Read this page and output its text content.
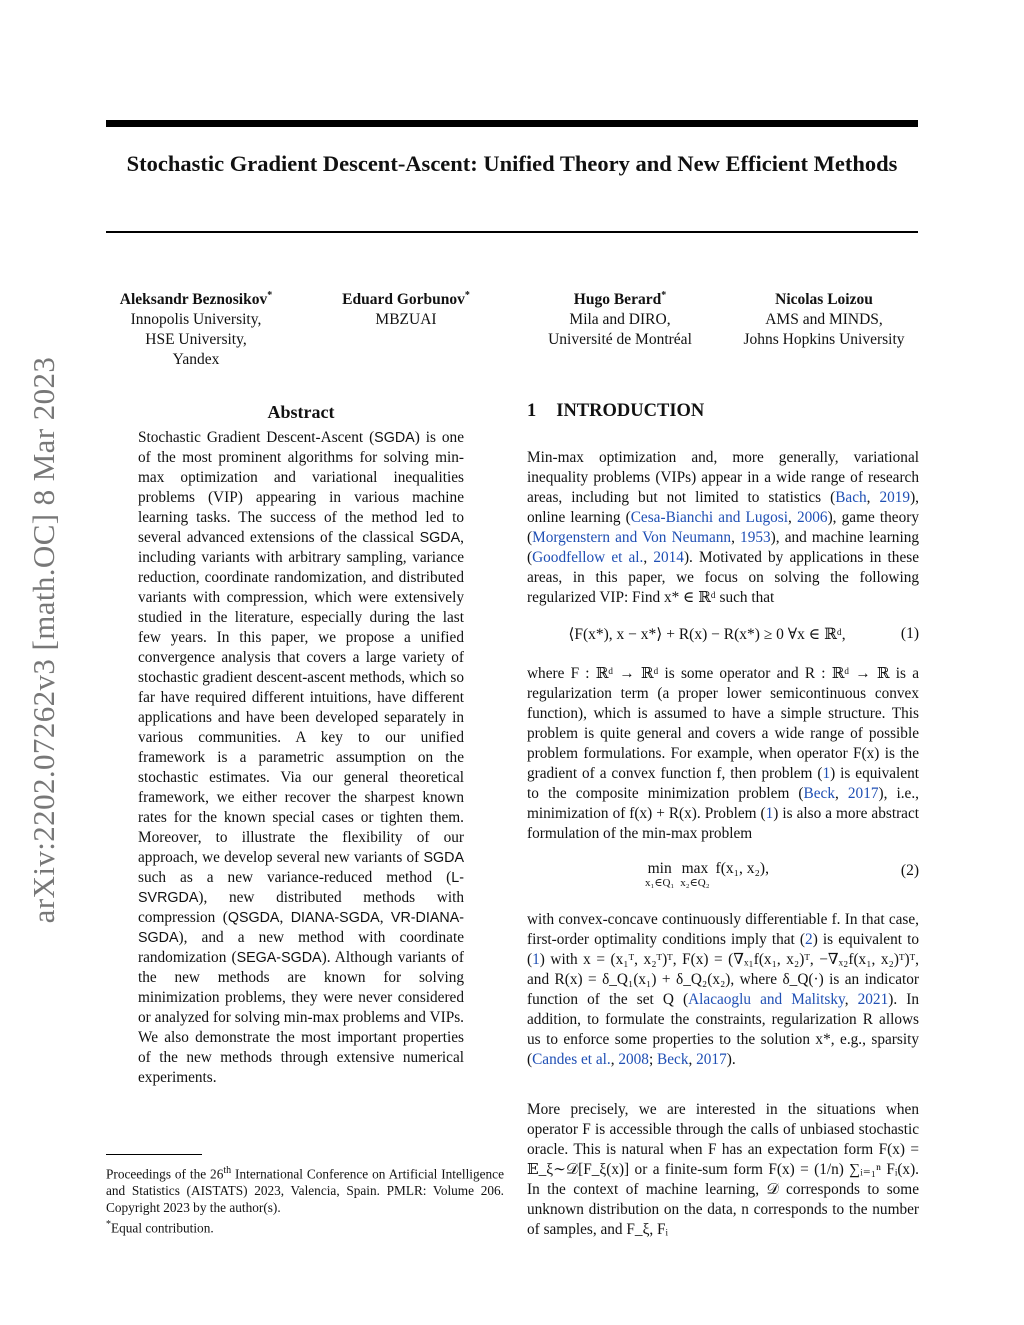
Stochastic Gradient Descent-Ascent: Unified Theory and New Efficient Methods
arXiv:2202.07262v3 [math.OC] 8 Mar 2023
Aleksandr Beznosikov*
Innopolis University,
HSE University,
Yandex
Eduard Gorbunov*
MBZUAI
Hugo Berard*
Mila and DIRO,
Université de Montréal
Nicolas Loizou
AMS and MINDS,
Johns Hopkins University
Abstract
Stochastic Gradient Descent-Ascent (SGDA) is one of the most prominent algorithms for solving min-max optimization and variational inequalities problems (VIP) appearing in various machine learning tasks. The success of the method led to several advanced extensions of the classical SGDA, including variants with arbitrary sampling, variance reduction, coordinate randomization, and distributed variants with compression, which were extensively studied in the literature, especially during the last few years. In this paper, we propose a unified convergence analysis that covers a large variety of stochastic gradient descent-ascent methods, which so far have required different intuitions, have different applications and have been developed separately in various communities. A key to our unified framework is a parametric assumption on the stochastic estimates. Via our general theoretical framework, we either recover the sharpest known rates for the known special cases or tighten them. Moreover, to illustrate the flexibility of our approach, we develop several new variants of SGDA such as a new variance-reduced method (L-SVRGDA), new distributed methods with compression (QSGDA, DIANA-SGDA, VR-DIANA-SGDA), and a new method with coordinate randomization (SEGA-SGDA). Although variants of the new methods are known for solving minimization problems, they were never considered or analyzed for solving min-max problems and VIPs. We also demonstrate the most important properties of the new methods through extensive numerical experiments.
Proceedings of the 26th International Conference on Artificial Intelligence and Statistics (AISTATS) 2023, Valencia, Spain. PMLR: Volume 206. Copyright 2023 by the author(s).
*Equal contribution.
1 INTRODUCTION
Min-max optimization and, more generally, variational inequality problems (VIPs) appear in a wide range of research areas, including but not limited to statistics (Bach, 2019), online learning (Cesa-Bianchi and Lugosi, 2006), game theory (Morgenstern and Von Neumann, 1953), and machine learning (Goodfellow et al., 2014). Motivated by applications in these areas, in this paper, we focus on solving the following regularized VIP: Find x* ∈ ℝᵈ such that
⟨F(x*), x − x*⟩ + R(x) − R(x*) ≥ 0 ∀x ∈ ℝᵈ,	(1)
where F : ℝᵈ → ℝᵈ is some operator and R : ℝᵈ → ℝ is a regularization term (a proper lower semicontinuous convex function), which is assumed to have a simple structure. This problem is quite general and covers a wide range of possible problem formulations. For example, when operator F(x) is the gradient of a convex function f, then problem (1) is equivalent to the composite minimization problem (Beck, 2017), i.e., minimization of f(x) + R(x). Problem (1) is also a more abstract formulation of the min-max problem
min
x₁∈Q₁
max
x₂∈Q₂
f(x₁, x₂),	(2)
with convex-concave continuously differentiable f. In that case, first-order optimality conditions imply that (2) is equivalent to (1) with x = (x₁ᵀ, x₂ᵀ)ᵀ, F(x) = (∇ₓ₁f(x₁, x₂)ᵀ, −∇ₓ₂f(x₁, x₂)ᵀ)ᵀ, and R(x) = δ_Q₁(x₁) + δ_Q₂(x₂), where δ_Q(·) is an indicator function of the set Q (Alacaoglu and Malitsky, 2021). In addition, to formulate the constraints, regularization R allows us to enforce some properties to the solution x*, e.g., sparsity (Candes et al., 2008; Beck, 2017).
More precisely, we are interested in the situations when operator F is accessible through the calls of unbiased stochastic oracle. This is natural when F has an expectation form F(x) = 𝔼_ξ∼𝒟[F_ξ(x)] or a finite-sum form F(x) = (1/n) ∑ᵢ₌₁ⁿ Fᵢ(x). In the context of machine learning, 𝒟 corresponds to some unknown distribution on the data, n corresponds to the number of samples, and F_ξ, Fᵢ
